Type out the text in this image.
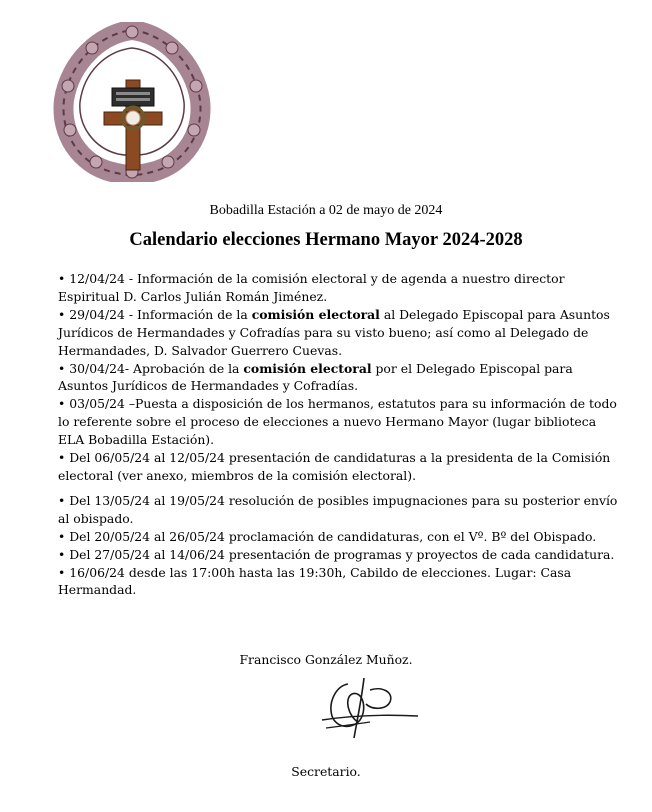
Bobadilla Estación a 02 de mayo de 2024
Calendario elecciones Hermano Mayor 2024-2028

• 12/04/24 - Información de la comisión electoral y de agenda a nuestro director Espiritual D. Carlos Julián Román Jiménez.

• 29/04/24 - Información de la comisión electoral al Delegado Episcopal para Asuntos Jurídicos de Hermandades y Cofradías para su visto bueno; así como al Delegado de Hermandades, D. Salvador Guerrero Cuevas.

• 30/04/24- Aprobación de la comisión electoral por el Delegado Episcopal para Asuntos Jurídicos de Hermandades y Cofradías.

• 03/05/24 –Puesta a disposición de los hermanos, estatutos para su información de todo lo referente sobre el proceso de elecciones a nuevo Hermano Mayor (lugar biblioteca ELA Bobadilla Estación).

• Del 06/05/24 al 12/05/24 presentación de candidaturas a la presidenta de la Comisión electoral (ver anexo, miembros de la comisión electoral).

• Del 13/05/24 al 19/05/24 resolución de posibles impugnaciones para su posterior envío al obispado.

• Del 20/05/24 al 26/05/24 proclamación de candidaturas, con el Vº. Bº del Obispado.

• Del 27/05/24 al 14/06/24 presentación de programas y proyectos de cada candidatura.

• 16/06/24 desde las 17:00h hasta las 19:30h, Cabildo de elecciones. Lugar: Casa Hermandad.

Francisco González Muñoz.
Secretario.
